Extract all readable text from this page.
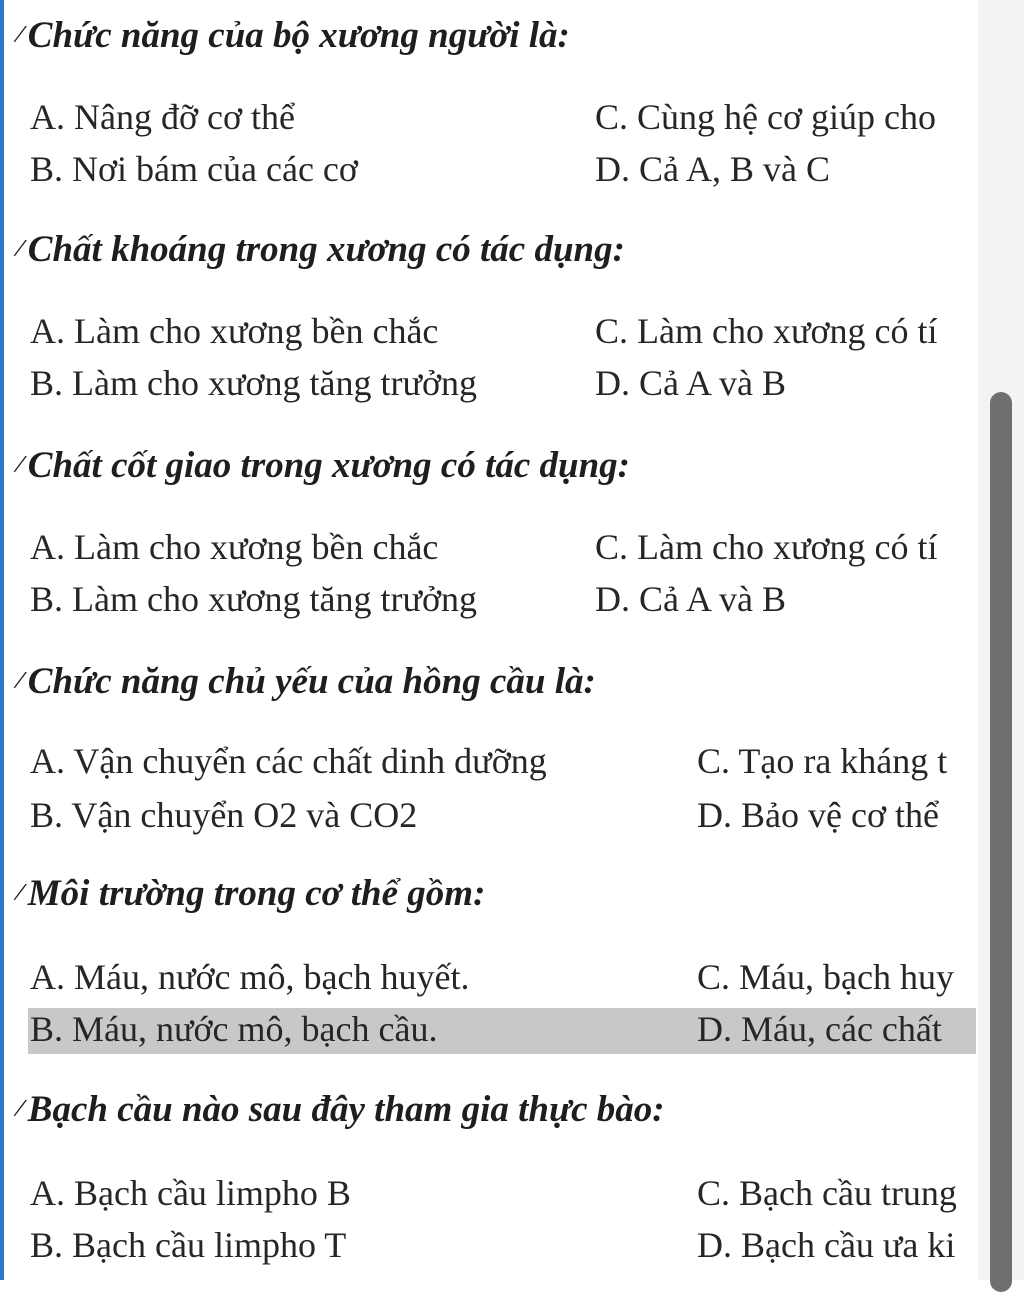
/Chức năng của bộ xương người là:
A. Nâng đỡ cơ thể	C. Cùng hệ cơ giúp cho
B. Nơi bám của các cơ	D. Cả A, B và C
/Chất khoáng trong xương có tác dụng:
A. Làm cho xương bền chắc	C. Làm cho xương có tí
B. Làm cho xương tăng trưởng	D. Cả A và B
/Chất cốt giao trong xương có tác dụng:
A. Làm cho xương bền chắc	C. Làm cho xương có tí
B. Làm cho xương tăng trưởng	D. Cả A và B
/Chức năng chủ yếu của hồng cầu là:
A. Vận chuyển các chất dinh dưỡng	C. Tạo ra kháng t
B. Vận chuyển O2 và CO2	D. Bảo vệ cơ thể
/Môi trường trong cơ thể gồm:
A. Máu, nước mô, bạch huyết.	C. Máu, bạch huy
B. Máu, nước mô, bạch cầu.	D. Máu, các chất
/Bạch cầu nào sau đây tham gia thực bào:
A. Bạch cầu limpho B	C. Bạch cầu trung
B. Bạch cầu limpho T	D. Bạch cầu ưa ki
